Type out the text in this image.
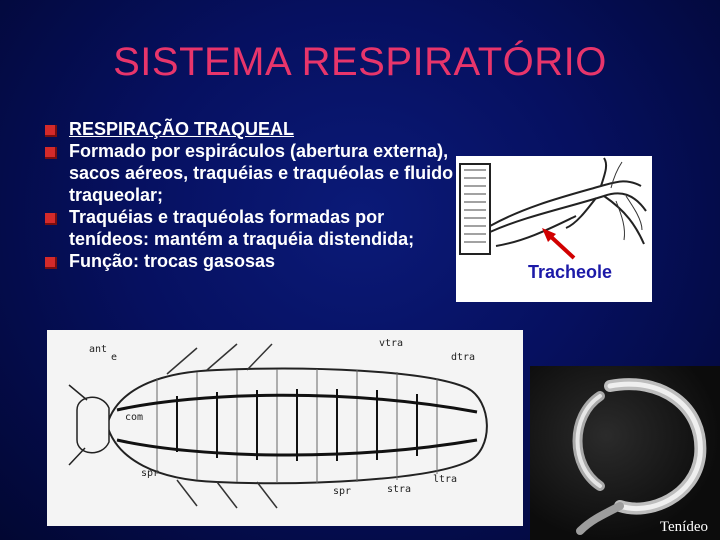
SISTEMA RESPIRATÓRIO
RESPIRAÇÃO TRAQUEAL
Formado por espiráculos (abertura externa), sacos aéreos, traquéias e traquéolas e fluido traqueolar;
Traquéias e traquéolas formadas por tenídeos: mantém a traquéia distendida;
Função: trocas gasosas
Tracheole
ant
e
vtra
dtra
com
spr
spr	stra
ltra
Tenídeo
